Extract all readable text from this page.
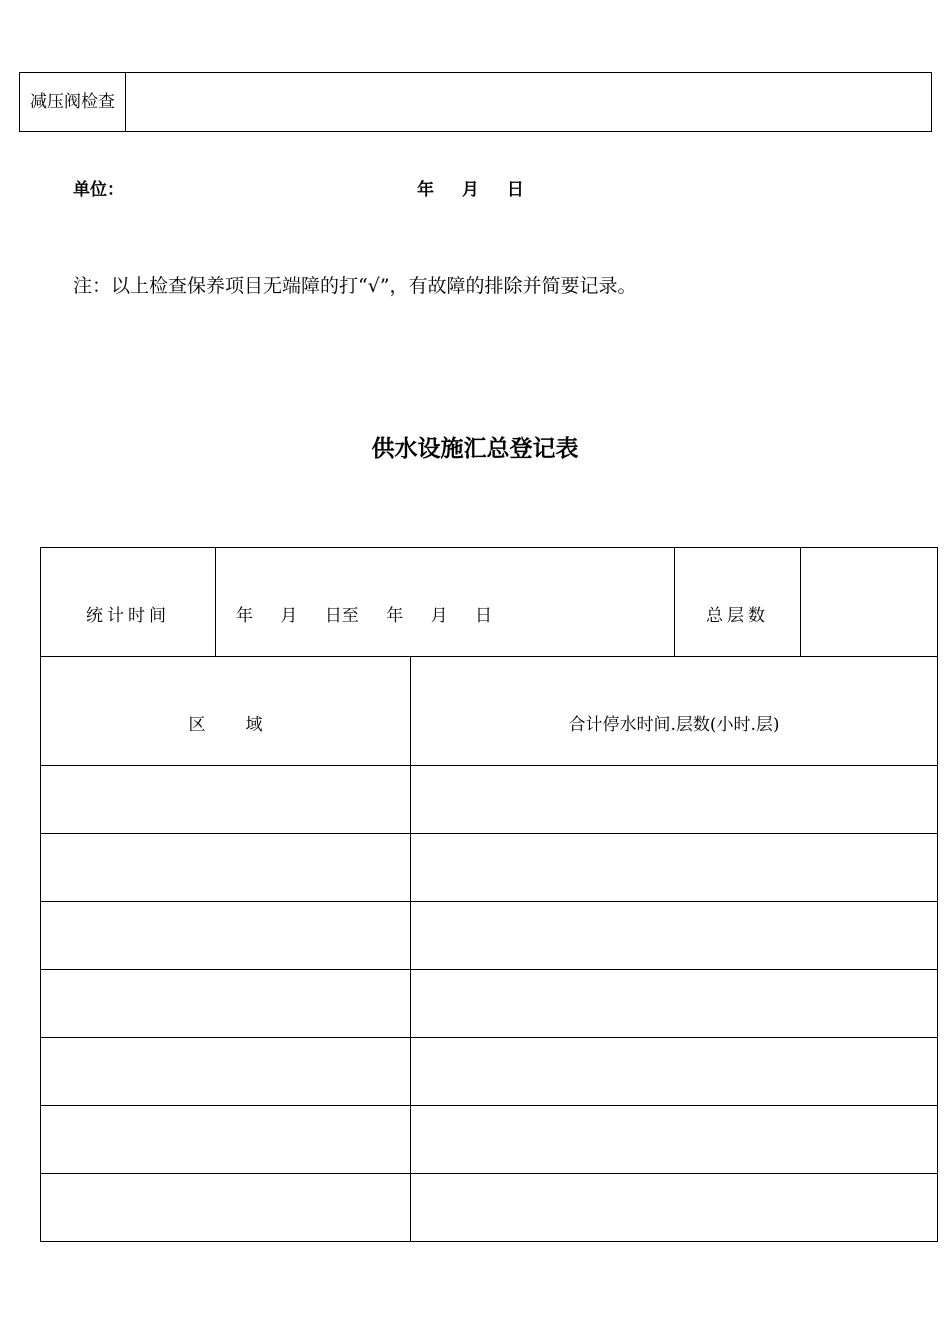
减压阀检查	
单位：	年 月 日
注：以上检查保养项目无端障的打“√”，有故障的排除并简要记录。
供水设施汇总登记表
统计时间	年 月 日至 年 月 日		总层数	
区 域		合计停水时间.层数(小时.层)		
